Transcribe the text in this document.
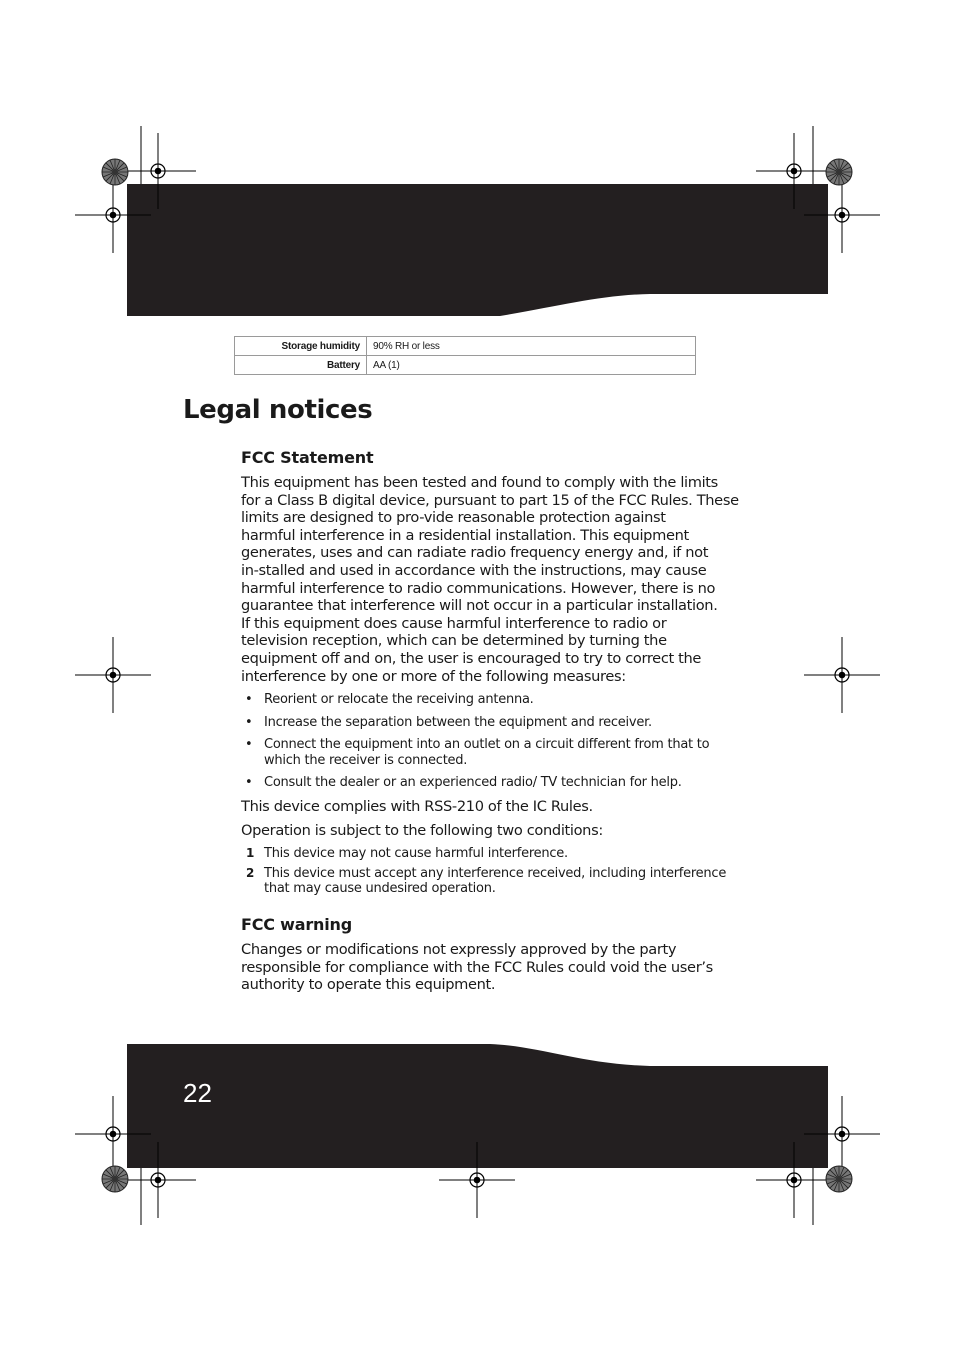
Storage humidity	90% RH or less
Battery	AA (1)
Legal notices
FCC Statement
This equipment has been tested and found to comply with the limits
for a Class B digital device, pursuant to part 15 of the FCC Rules. These
limits are designed to pro-vide reasonable protection against
harmful interference in a residential installation. This equipment
generates, uses and can radiate radio frequency energy and, if not
in-stalled and used in accordance with the instructions, may cause
harmful interference to radio communications. However, there is no
guarantee that interference will not occur in a particular installation.
If this equipment does cause harmful interference to radio or
television reception, which can be determined by turning the
equipment off and on, the user is encouraged to try to correct the
interference by one or more of the following measures:
• Reorient or relocate the receiving antenna.
• Increase the separation between the equipment and receiver.
• Connect the equipment into an outlet on a circuit different from that to which the receiver is connected.
• Consult the dealer or an experienced radio/ TV technician for help.

This device complies with RSS-210 of the IC Rules.

Operation is subject to the following two conditions:

1 This device may not cause harmful interference.
2 This device must accept any interference received, including interference that may cause undesired operation.
FCC warning

Changes or modifications not expressly approved by the party responsible for compliance with the FCC Rules could void the user’s authority to operate this equipment.

22
